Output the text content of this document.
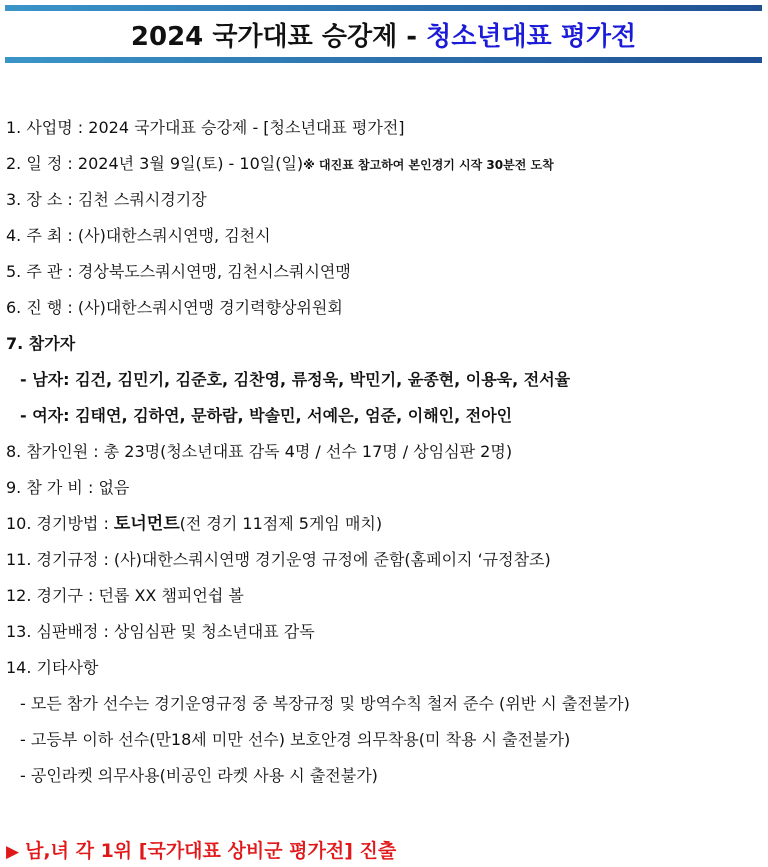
2024 국가대표 승강제 - 청소년대표 평가전
1. 사업명 : 2024 국가대표 승강제 - [청소년대표 평가전]
2. 일 정 : 2024년 3월 9일(토) - 10일(일)※ 대진표 참고하여 본인경기 시작 30분전 도착
3. 장 소 : 김천 스쿼시경기장
4. 주 최 : (사)대한스쿼시연맹, 김천시
5. 주 관 : 경상북도스쿼시연맹, 김천시스쿼시연맹
6. 진 행 : (사)대한스쿼시연맹 경기력향상위원회
7. 참가자
- 남자: 김건, 김민기, 김준호, 김찬영, 류정욱, 박민기, 윤종현, 이용욱, 전서율
- 여자: 김태연, 김하연, 문하람, 박솔민, 서예은, 엄준, 이해인, 전아인
8. 참가인원 : 총 23명(청소년대표 감독 4명 / 선수 17명 / 상임심판 2명)
9. 참 가 비 : 없음
10. 경기방법 : 토너먼트(전 경기 11점제 5게임 매치)
11. 경기규정 : (사)대한스쿼시연맹 경기운영 규정에 준함(홈페이지 ‘규정참조)
12. 경기구 : 던롭 XX 챔피언쉽 볼
13. 심판배정 : 상임심판 및 청소년대표 감독
14. 기타사항
- 모든 참가 선수는 경기운영규정 중 복장규정 및 방역수칙 철저 준수 (위반 시 출전불가)
- 고등부 이하 선수(만18세 미만 선수) 보호안경 의무착용(미 착용 시 출전불가)
- 공인라켓 의무사용(비공인 라켓 사용 시 출전불가)
▶ 남,녀 각 1위 [국가대표 상비군 평가전] 진출
